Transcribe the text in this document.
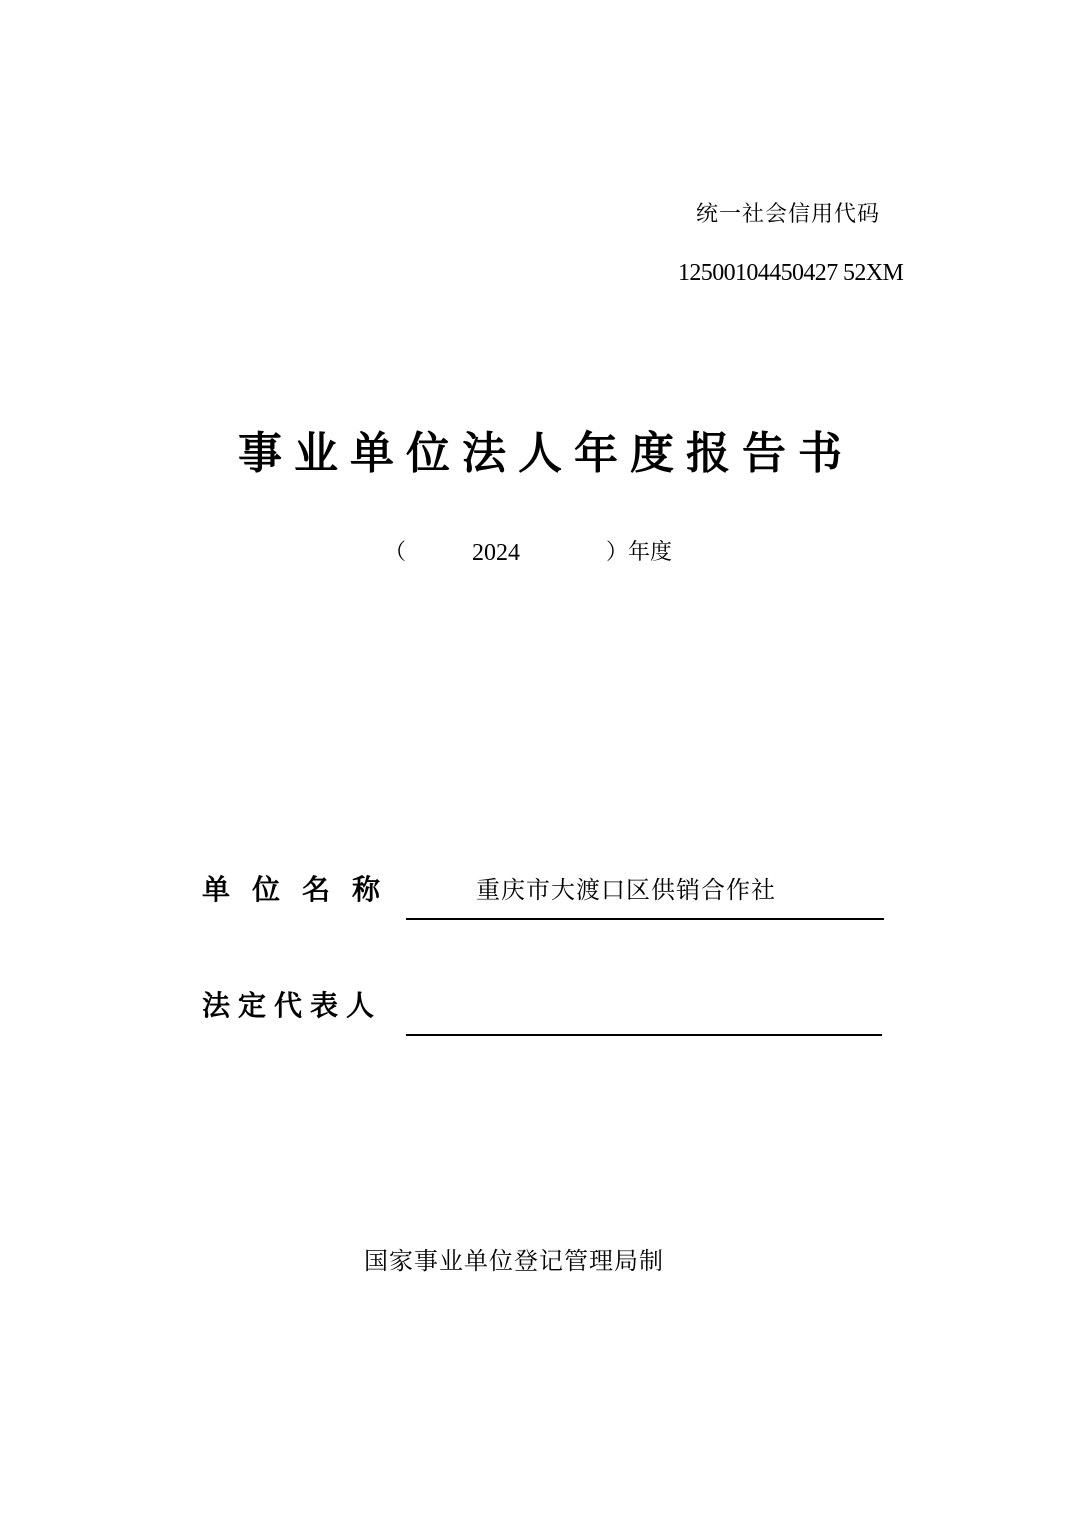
统一社会信用代码
12500104450427 52XM
事业单位法人年度报告书
（	2024	）年度
单位名称	重庆市大渡口区供销合作社
法定代表人
国家事业单位登记管理局制
